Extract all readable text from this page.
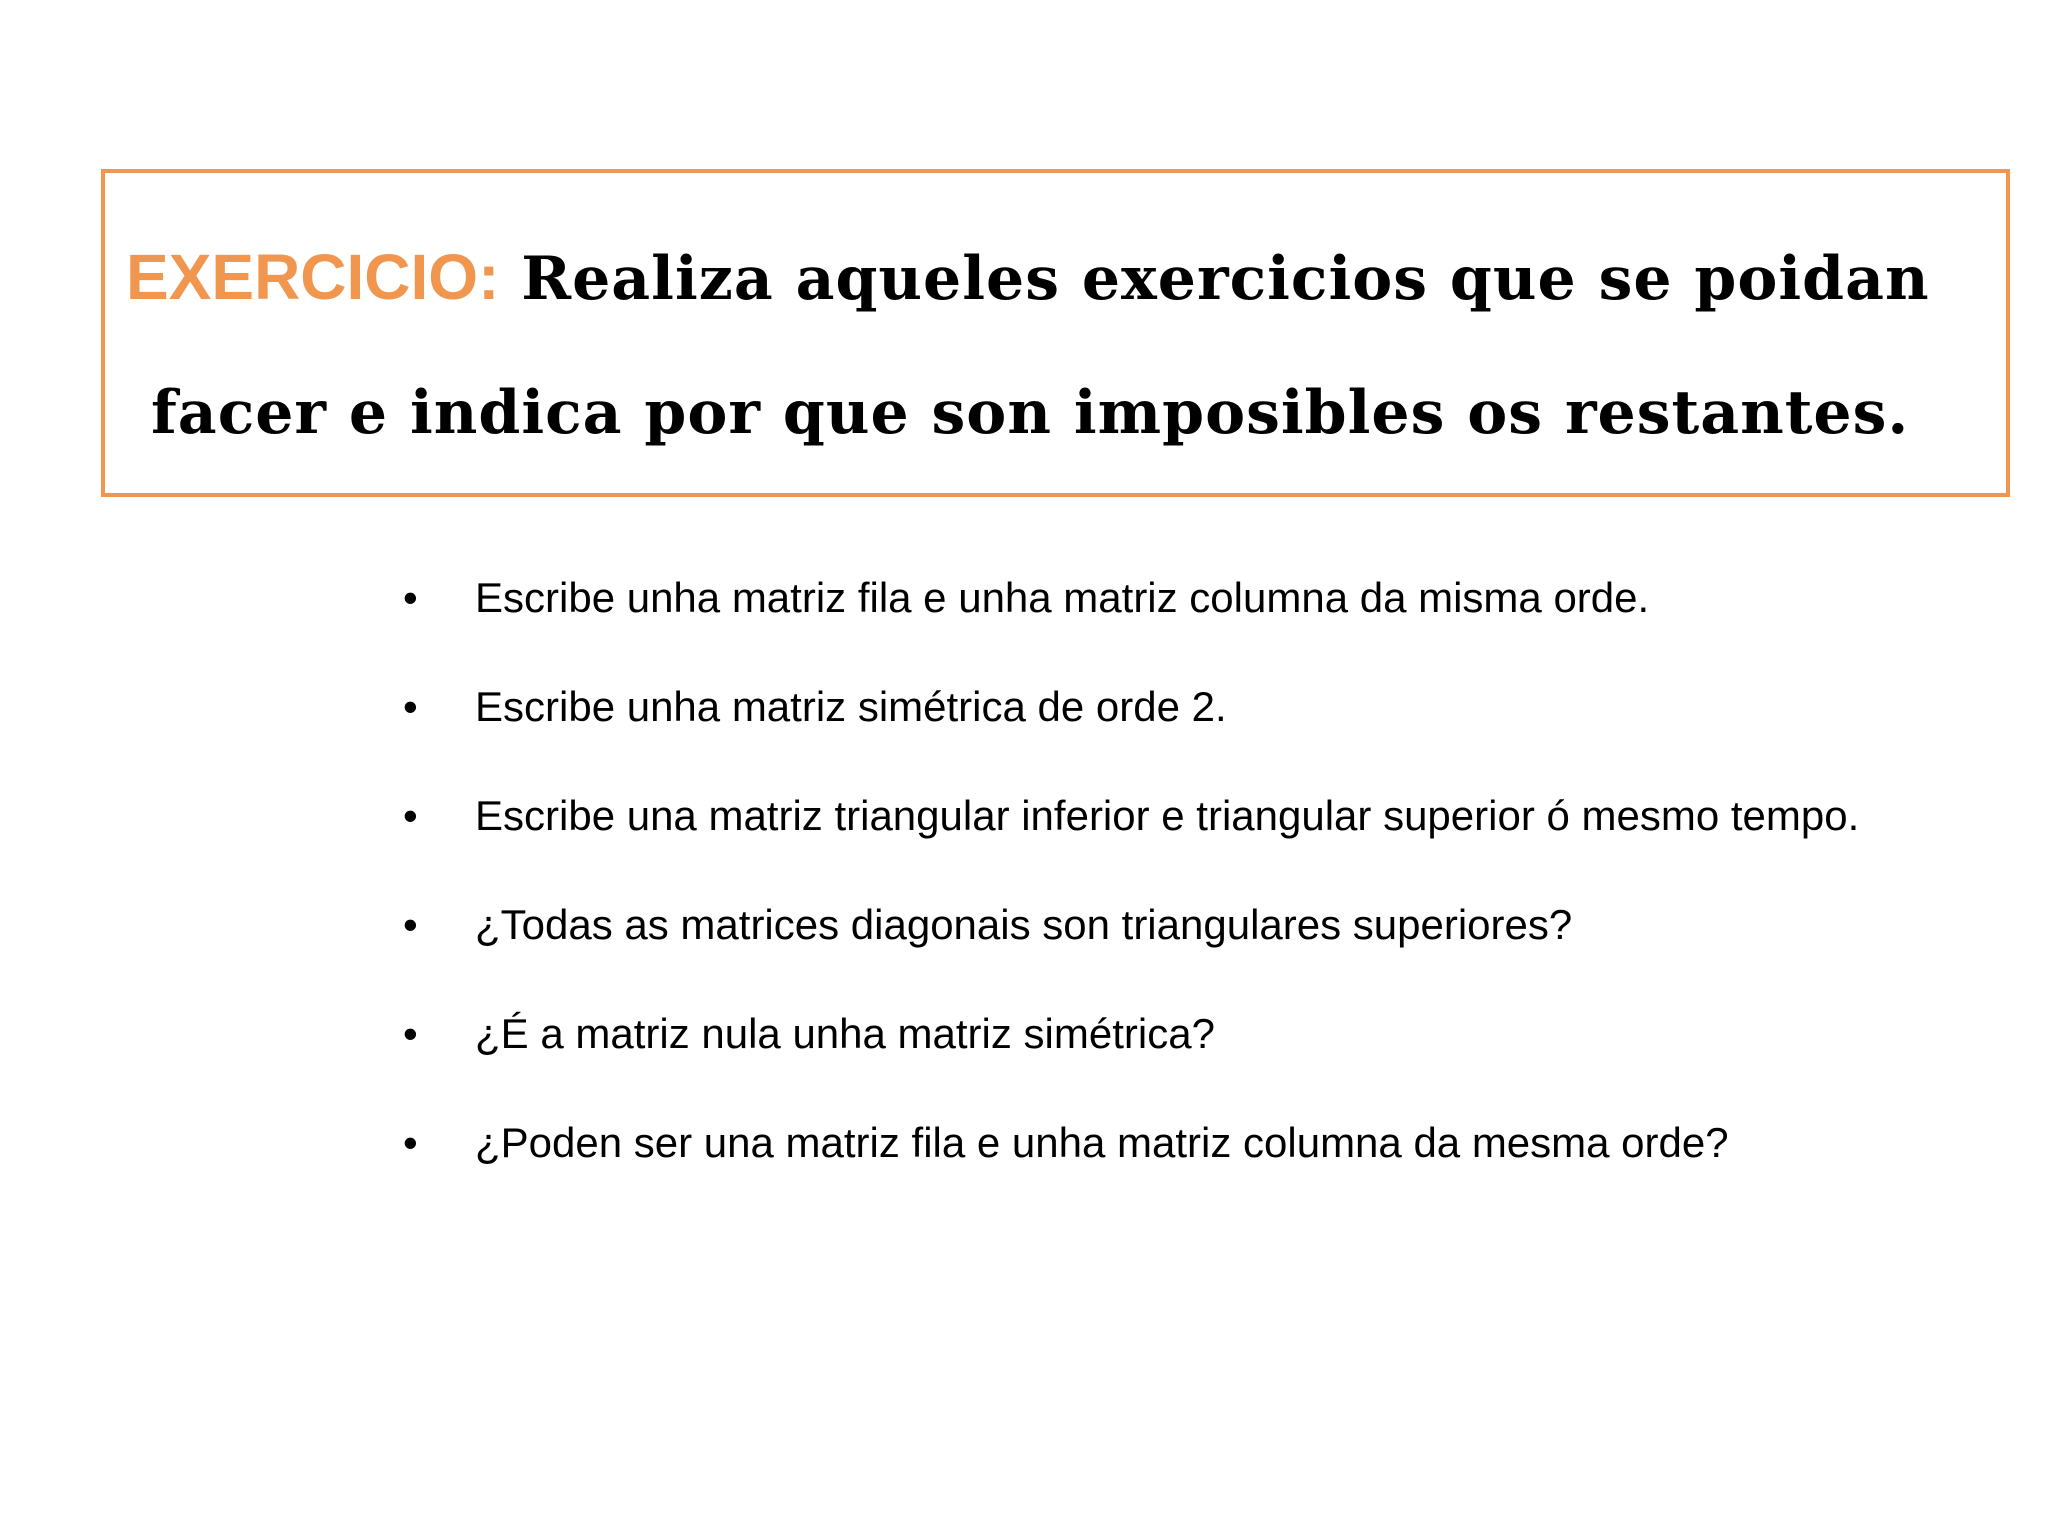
EXERCICIO: Realiza aqueles exercicios que se poidan
facer e indica por que son imposibles os restantes.
• Escribe unha matriz fila e unha matriz columna da misma orde.
• Escribe unha matriz simétrica de orde 2.
• Escribe una matriz triangular inferior e triangular superior ó mesmo tempo.
• ¿Todas as matrices diagonais son triangulares superiores?
• ¿É a matriz nula unha matriz simétrica?
• ¿Poden ser una matriz fila e unha matriz columna da mesma orde?
